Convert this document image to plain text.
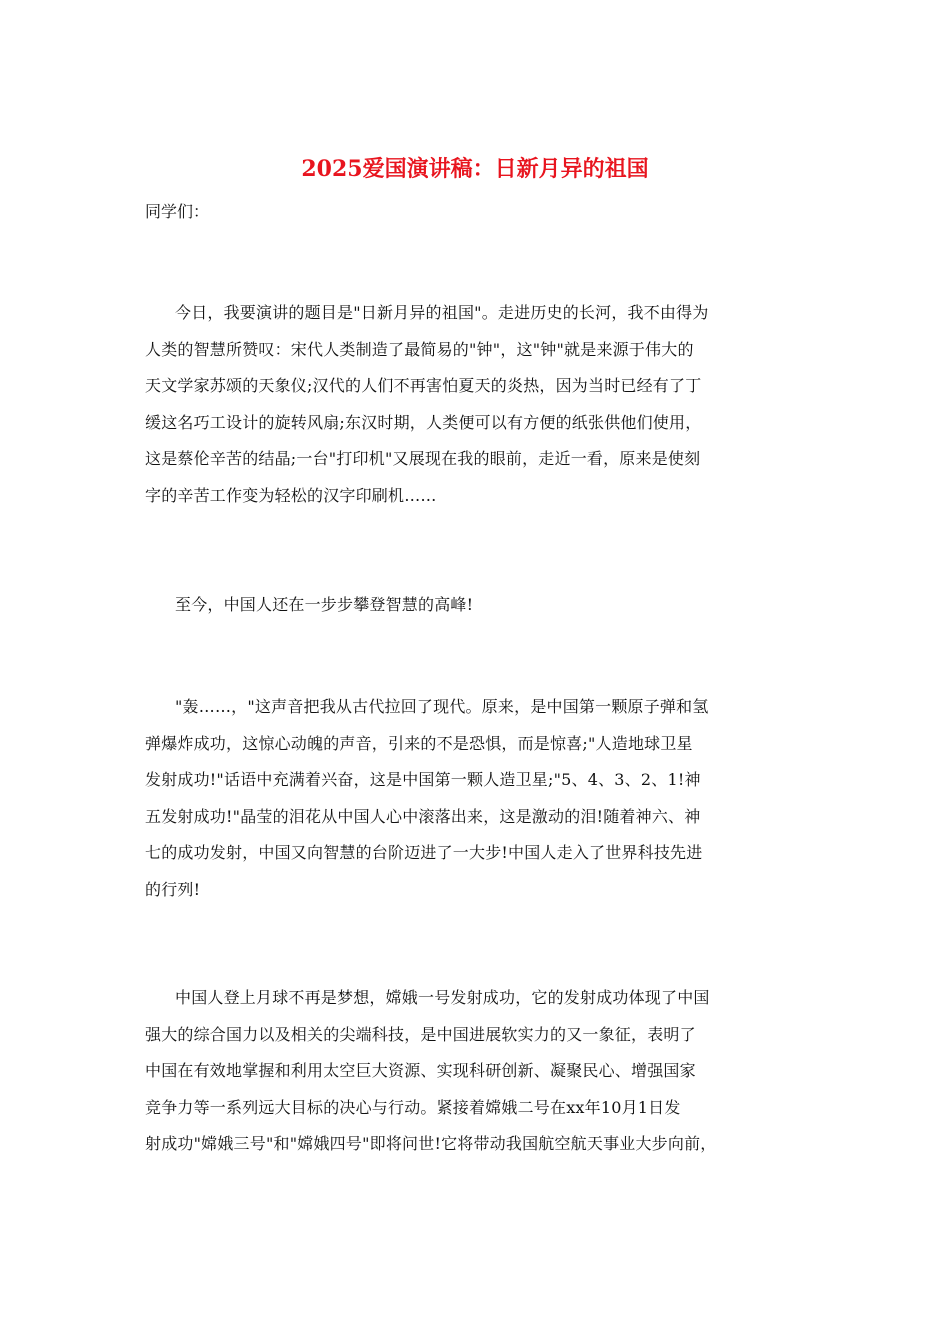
2025爱国演讲稿：日新月异的祖国

同学们：

今日，我要演讲的题目是"日新月异的祖国"。走进历史的长河，我不由得为
人类的智慧所赞叹：宋代人类制造了最简易的"钟"，这"钟"就是来源于伟大的
天文学家苏颂的天象仪;汉代的人们不再害怕夏天的炎热，因为当时已经有了丁
缓这名巧工设计的旋转风扇;东汉时期，人类便可以有方便的纸张供他们使用，
这是蔡伦辛苦的结晶;一台"打印机"又展现在我的眼前，走近一看，原来是使刻
字的辛苦工作变为轻松的汉字印刷机……
至今，中国人还在一步步攀登智慧的高峰!
"轰……，"这声音把我从古代拉回了现代。原来，是中国第一颗原子弹和氢
弹爆炸成功，这惊心动魄的声音，引来的不是恐惧，而是惊喜;"人造地球卫星
发射成功!"话语中充满着兴奋，这是中国第一颗人造卫星;"5、4、3、2、1!神
五发射成功!"晶莹的泪花从中国人心中滚落出来，这是激动的泪!随着神六、神
七的成功发射，中国又向智慧的台阶迈进了一大步!中国人走入了世界科技先进
的行列!
中国人登上月球不再是梦想，嫦娥一号发射成功，它的发射成功体现了中国
强大的综合国力以及相关的尖端科技，是中国进展软实力的又一象征，表明了
中国在有效地掌握和利用太空巨大资源、实现科研创新、凝聚民心、增强国家
竞争力等一系列远大目标的决心与行动。紧接着嫦娥二号在xx年10月1日发
射成功"嫦娥三号"和"嫦娥四号"即将问世!它将带动我国航空航天事业大步向前，
